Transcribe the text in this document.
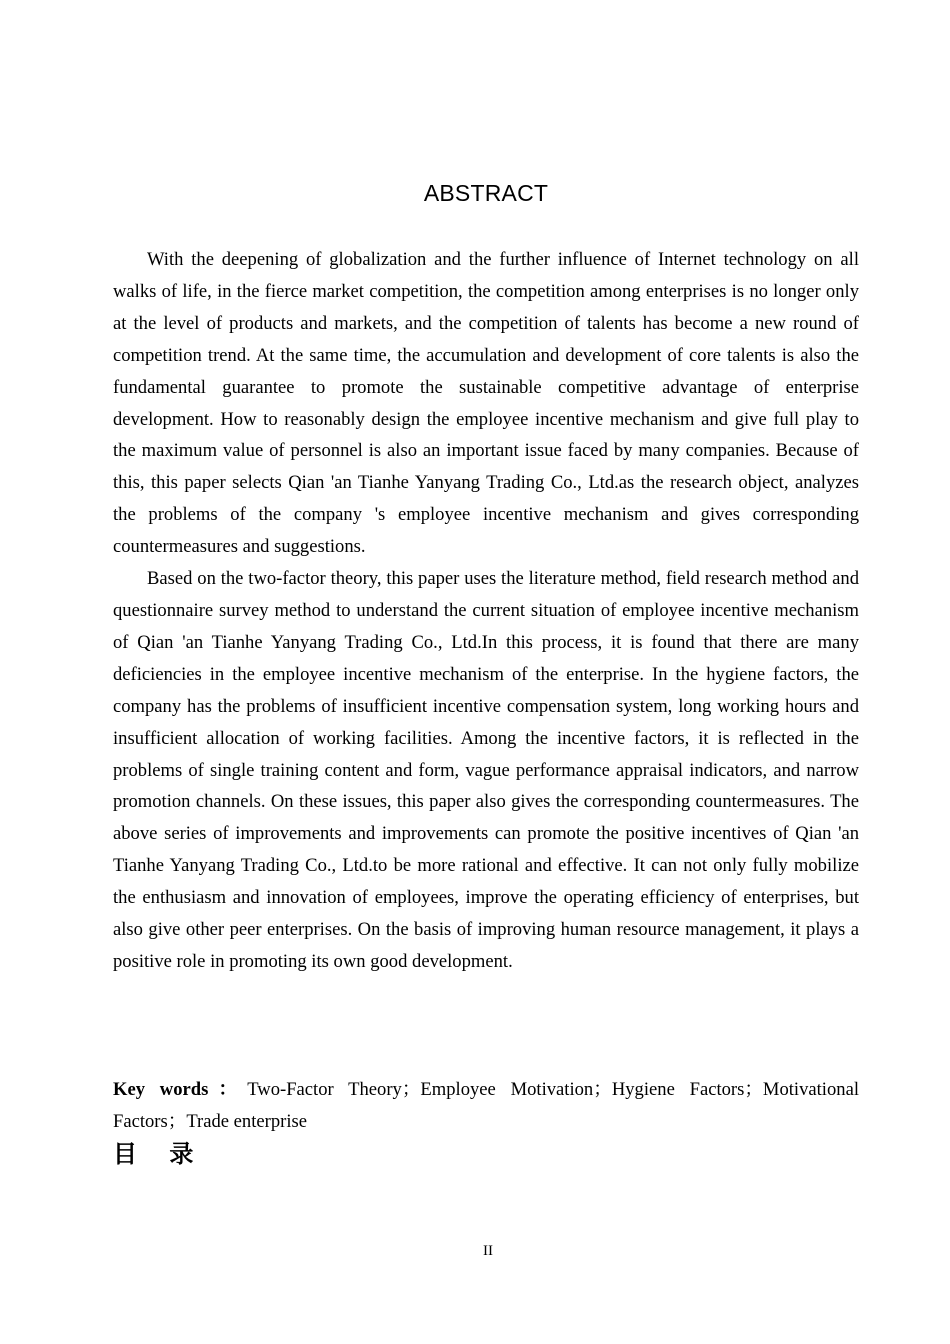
ABSTRACT

With the deepening of globalization and the further influence of Internet technology on all walks of life, in the fierce market competition, the competition among enterprises is no longer only at the level of products and markets, and the competition of talents has become a new round of competition trend. At the same time, the accumulation and development of core talents is also the fundamental guarantee to promote the sustainable competitive advantage of enterprise development. How to reasonably design the employee incentive mechanism and give full play to the maximum value of personnel is also an important issue faced by many companies. Because of this, this paper selects Qian 'an Tianhe Yanyang Trading Co., Ltd.as the research object, analyzes the problems of the company 's employee incentive mechanism and gives corresponding countermeasures and suggestions.

Based on the two-factor theory, this paper uses the literature method, field research method and questionnaire survey method to understand the current situation of employee incentive mechanism of Qian 'an Tianhe Yanyang Trading Co., Ltd.In this process, it is found that there are many deficiencies in the employee incentive mechanism of the enterprise. In the hygiene factors, the company has the problems of insufficient incentive compensation system, long working hours and insufficient allocation of working facilities. Among the incentive factors, it is reflected in the problems of single training content and form, vague performance appraisal indicators, and narrow promotion channels. On these issues, this paper also gives the corresponding countermeasures. The above series of improvements and improvements can promote the positive incentives of Qian 'an Tianhe Yanyang Trading Co., Ltd.to be more rational and effective. It can not only fully mobilize the enthusiasm and innovation of employees, improve the operating efficiency of enterprises, but also give other peer enterprises. On the basis of improving human resource management, it plays a positive role in promoting its own good development.

Key words：Two-Factor Theory；Employee Motivation；Hygiene Factors；Motivational Factors；Trade enterprise

目　 录
II
